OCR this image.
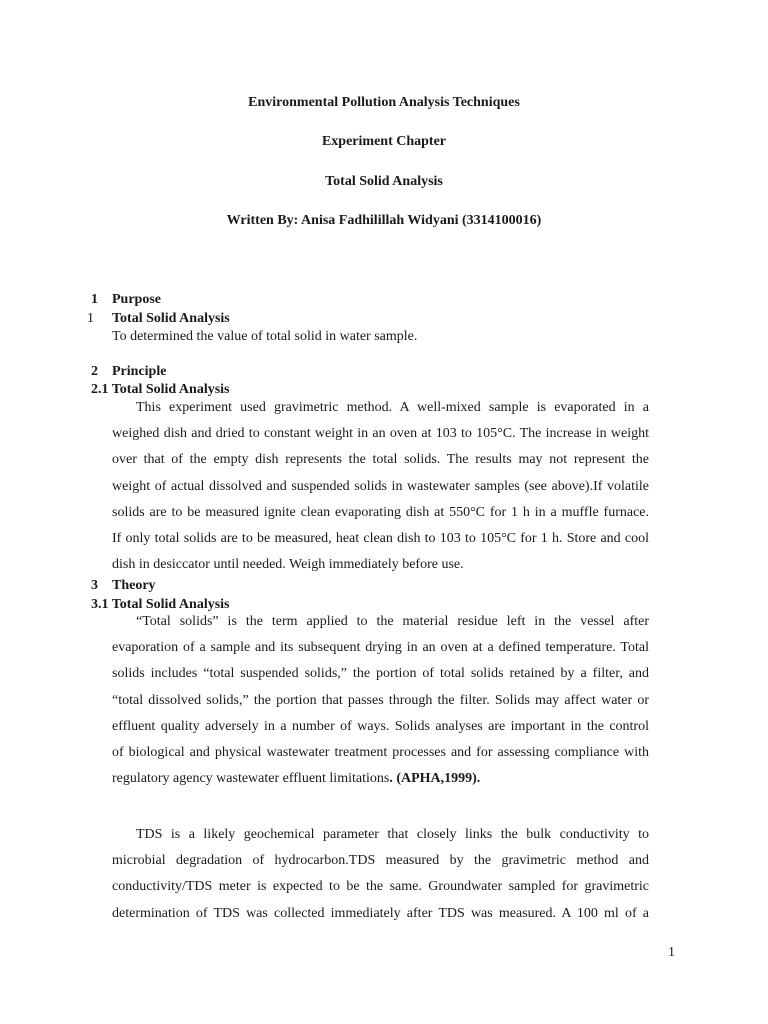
Environmental Pollution Analysis Techniques
Experiment Chapter
Total Solid Analysis
Written By: Anisa Fadhilillah Widyani (3314100016)
1 Purpose
1 Total Solid Analysis
To determined the value of total solid in water sample.
2 Principle
2.1 Total Solid Analysis
This experiment used gravimetric method. A well-mixed sample is evaporated in a
weighed dish and dried to constant weight in an oven at 103 to 105°C. The increase in weight
over that of the empty dish represents the total solids. The results may not represent the
weight of actual dissolved and suspended solids in wastewater samples (see above).If volatile
solids are to be measured ignite clean evaporating dish at 550°C for 1 h in a muffle furnace.
If only total solids are to be measured, heat clean dish to 103 to 105°C for 1 h. Store and cool
dish in desiccator until needed. Weigh immediately before use.
3 Theory
3.1 Total Solid Analysis
“Total solids” is the term applied to the material residue left in the vessel after
evaporation of a sample and its subsequent drying in an oven at a defined temperature. Total
solids includes “total suspended solids,” the portion of total solids retained by a filter, and
“total dissolved solids,” the portion that passes through the filter. Solids may affect water or
effluent quality adversely in a number of ways. Solids analyses are important in the control
of biological and physical wastewater treatment processes and for assessing compliance with
regulatory agency wastewater effluent limitations. (APHA,1999).
TDS is a likely geochemical parameter that closely links the bulk conductivity to
microbial degradation of hydrocarbon.TDS measured by the gravimetric method and
conductivity/TDS meter is expected to be the same. Groundwater sampled for gravimetric
determination of TDS was collected immediately after TDS was measured. A 100 ml of a
1
